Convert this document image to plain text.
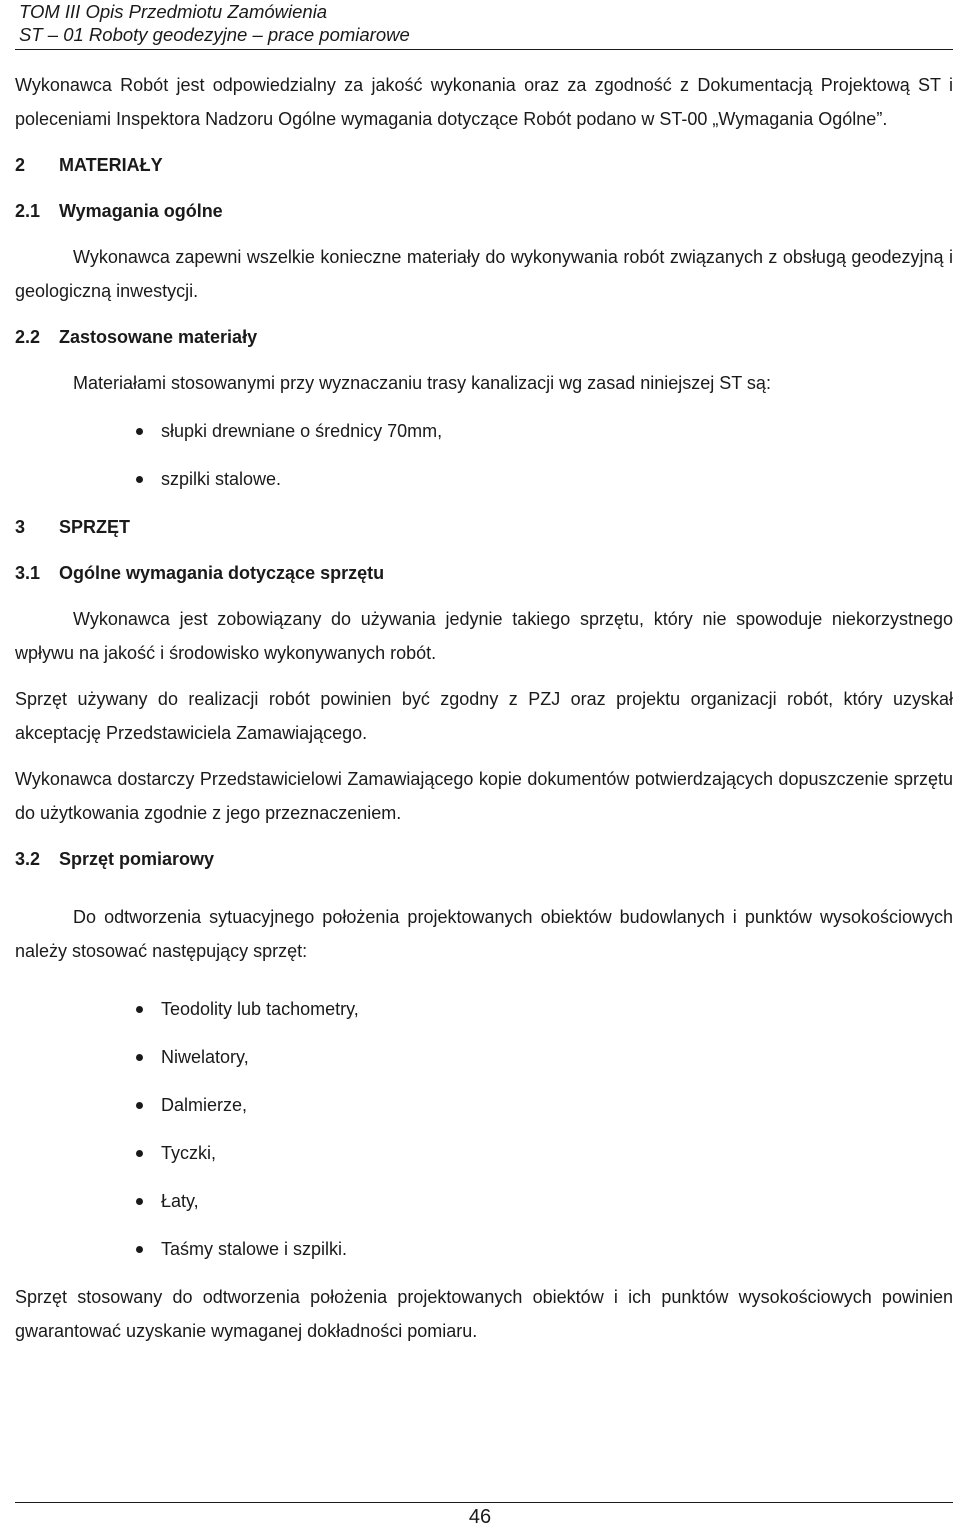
TOM III Opis Przedmiotu Zamówienia

ST – 01 Roboty geodezyjne – prace pomiarowe

Wykonawca Robót jest odpowiedzialny za jakość wykonania oraz za zgodność z Dokumentacją Projektową ST i poleceniami Inspektora Nadzoru Ogólne wymagania dotyczące Robót podano w ST-00 „Wymagania Ogólne”.

2 MATERIAŁY

2.1 Wymagania ogólne

Wykonawca zapewni wszelkie konieczne materiały do wykonywania robót związanych z obsługą geodezyjną i geologiczną inwestycji.

2.2 Zastosowane materiały

Materiałami stosowanymi przy wyznaczaniu trasy kanalizacji wg zasad niniejszej ST są:

słupki drewniane o średnicy 70mm,
szpilki stalowe.

3 SPRZĘT

3.1 Ogólne wymagania dotyczące sprzętu

Wykonawca jest zobowiązany do używania jedynie takiego sprzętu, który nie spowoduje niekorzystnego wpływu na jakość i środowisko wykonywanych robót.

Sprzęt używany do realizacji robót powinien być zgodny z PZJ oraz projektu organizacji robót, który uzyskał akceptację Przedstawiciela Zamawiającego.

Wykonawca dostarczy Przedstawicielowi Zamawiającego kopie dokumentów potwierdzających dopuszczenie sprzętu do użytkowania zgodnie z jego przeznaczeniem.

3.2 Sprzęt pomiarowy

Do odtworzenia sytuacyjnego położenia projektowanych obiektów budowlanych i punktów wysokościowych należy stosować następujący sprzęt:

Teodolity lub tachometry,
Niwelatory,
Dalmierze,
Tyczki,
Łaty,
Taśmy stalowe i szpilki.

Sprzęt stosowany do odtworzenia położenia projektowanych obiektów i ich punktów wysokościowych powinien gwarantować uzyskanie wymaganej dokładności pomiaru.

46
